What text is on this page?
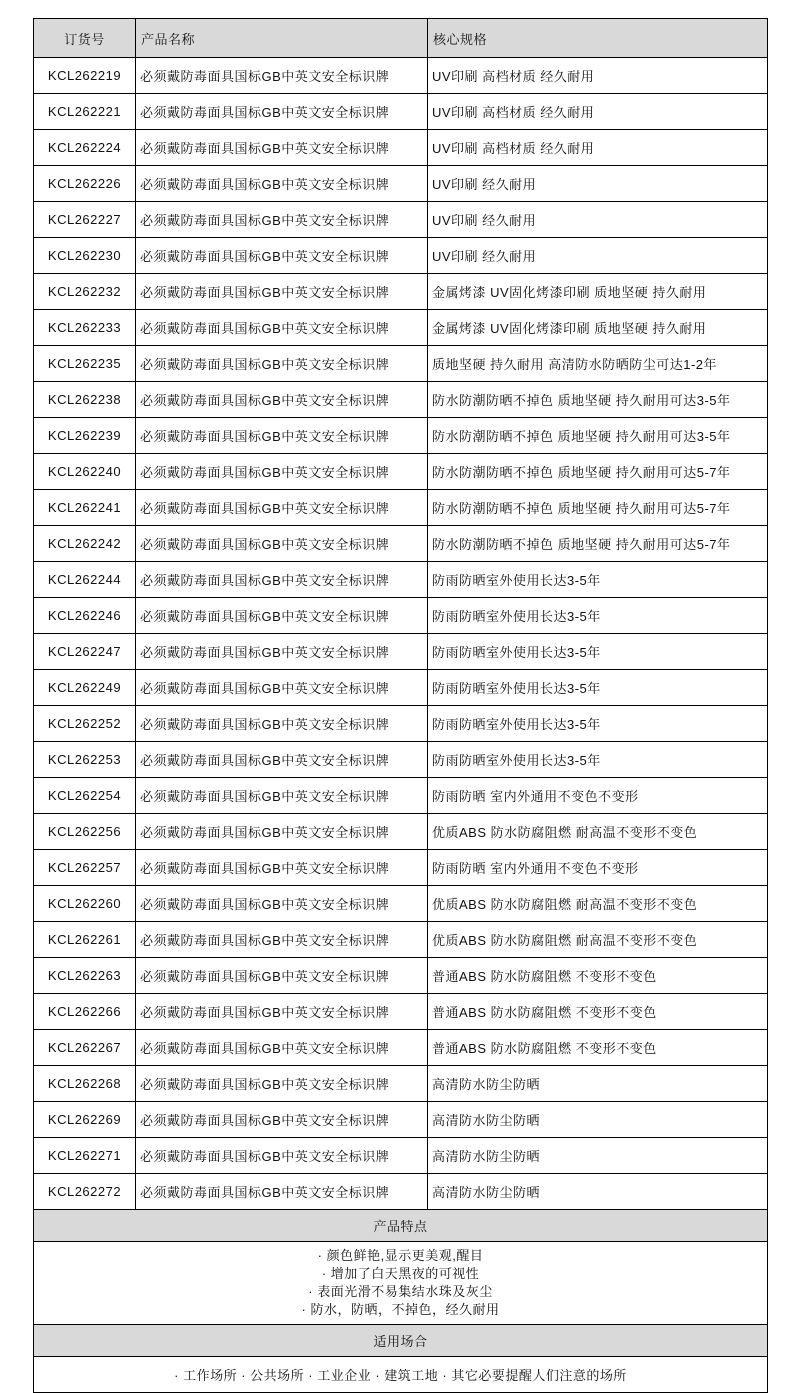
订货号	产品名称	核心规格
KCL262219	必须戴防毒面具国标GB中英文安全标识牌	UV印刷 高档材质 经久耐用
KCL262221	必须戴防毒面具国标GB中英文安全标识牌	UV印刷 高档材质 经久耐用
KCL262224	必须戴防毒面具国标GB中英文安全标识牌	UV印刷 高档材质 经久耐用
KCL262226	必须戴防毒面具国标GB中英文安全标识牌	UV印刷 经久耐用
KCL262227	必须戴防毒面具国标GB中英文安全标识牌	UV印刷 经久耐用
KCL262230	必须戴防毒面具国标GB中英文安全标识牌	UV印刷 经久耐用
KCL262232	必须戴防毒面具国标GB中英文安全标识牌	金属烤漆 UV固化烤漆印刷 质地坚硬 持久耐用
KCL262233	必须戴防毒面具国标GB中英文安全标识牌	金属烤漆 UV固化烤漆印刷 质地坚硬 持久耐用
KCL262235	必须戴防毒面具国标GB中英文安全标识牌	质地坚硬 持久耐用 高清防水防晒防尘可达1-2年
KCL262238	必须戴防毒面具国标GB中英文安全标识牌	防水防潮防晒不掉色 质地坚硬 持久耐用可达3-5年
KCL262239	必须戴防毒面具国标GB中英文安全标识牌	防水防潮防晒不掉色 质地坚硬 持久耐用可达3-5年
KCL262240	必须戴防毒面具国标GB中英文安全标识牌	防水防潮防晒不掉色 质地坚硬 持久耐用可达5-7年
KCL262241	必须戴防毒面具国标GB中英文安全标识牌	防水防潮防晒不掉色 质地坚硬 持久耐用可达5-7年
KCL262242	必须戴防毒面具国标GB中英文安全标识牌	防水防潮防晒不掉色 质地坚硬 持久耐用可达5-7年
KCL262244	必须戴防毒面具国标GB中英文安全标识牌	防雨防晒室外使用长达3-5年
KCL262246	必须戴防毒面具国标GB中英文安全标识牌	防雨防晒室外使用长达3-5年
KCL262247	必须戴防毒面具国标GB中英文安全标识牌	防雨防晒室外使用长达3-5年
KCL262249	必须戴防毒面具国标GB中英文安全标识牌	防雨防晒室外使用长达3-5年
KCL262252	必须戴防毒面具国标GB中英文安全标识牌	防雨防晒室外使用长达3-5年
KCL262253	必须戴防毒面具国标GB中英文安全标识牌	防雨防晒室外使用长达3-5年
KCL262254	必须戴防毒面具国标GB中英文安全标识牌	防雨防晒 室内外通用不变色不变形
KCL262256	必须戴防毒面具国标GB中英文安全标识牌	优质ABS 防水防腐阻燃 耐高温不变形不变色
KCL262257	必须戴防毒面具国标GB中英文安全标识牌	防雨防晒 室内外通用不变色不变形
KCL262260	必须戴防毒面具国标GB中英文安全标识牌	优质ABS 防水防腐阻燃 耐高温不变形不变色
KCL262261	必须戴防毒面具国标GB中英文安全标识牌	优质ABS 防水防腐阻燃 耐高温不变形不变色
KCL262263	必须戴防毒面具国标GB中英文安全标识牌	普通ABS 防水防腐阻燃 不变形不变色
KCL262266	必须戴防毒面具国标GB中英文安全标识牌	普通ABS 防水防腐阻燃 不变形不变色
KCL262267	必须戴防毒面具国标GB中英文安全标识牌	普通ABS 防水防腐阻燃 不变形不变色
KCL262268	必须戴防毒面具国标GB中英文安全标识牌	高清防水防尘防晒
KCL262269	必须戴防毒面具国标GB中英文安全标识牌	高清防水防尘防晒
KCL262271	必须戴防毒面具国标GB中英文安全标识牌	高清防水防尘防晒
KCL262272	必须戴防毒面具国标GB中英文安全标识牌	高清防水防尘防晒
产品特点		

· 颜色鲜艳,显示更美观,醒目
· 增加了白天黑夜的可视性
· 表面光滑不易集结水珠及灰尘
· 防水，防晒，不掉色，经久耐用		

适用场合		
· 工作场所 · 公共场所 · 工业企业 · 建筑工地 · 其它必要提醒人们注意的场所		
